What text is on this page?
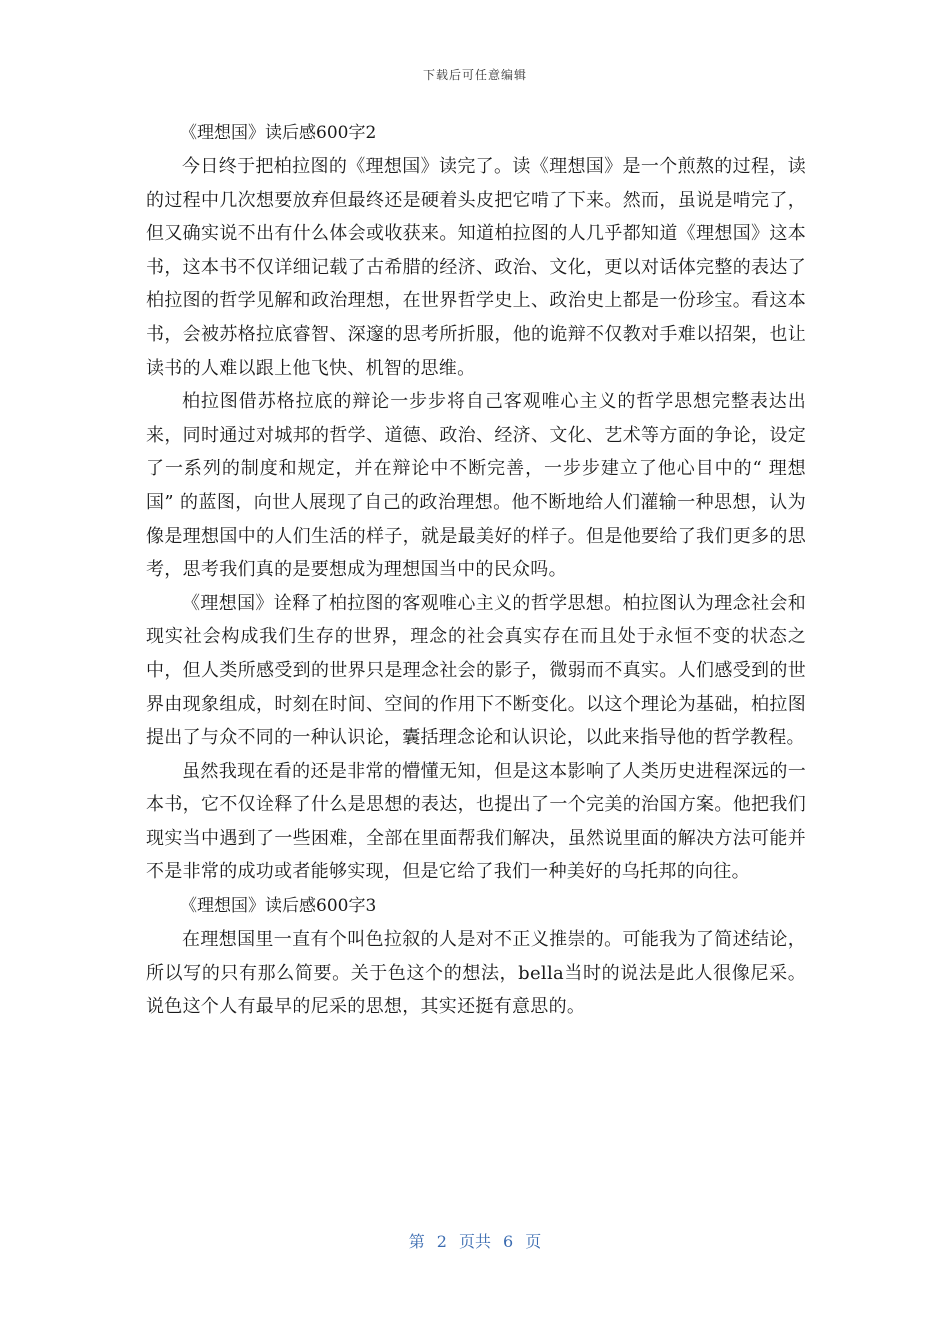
下载后可任意编辑

《理想国》读后感600字2

今日终于把柏拉图的《理想国》读完了。读《理想国》是一个煎熬的过程，读的过程中几次想要放弃但最终还是硬着头皮把它啃了下来。然而，虽说是啃完了，但又确实说不出有什么体会或收获来。知道柏拉图的人几乎都知道《理想国》这本书，这本书不仅详细记载了古希腊的经济、政治、文化，更以对话体完整的表达了柏拉图的哲学见解和政治理想，在世界哲学史上、政治史上都是一份珍宝。看这本书，会被苏格拉底睿智、深邃的思考所折服，他的诡辩不仅教对手难以招架，也让读书的人难以跟上他飞快、机智的思维。

柏拉图借苏格拉底的辩论一步步将自己客观唯心主义的哲学思想完整表达出来，同时通过对城邦的哲学、道德、政治、经济、文化、艺术等方面的争论，设定了一系列的制度和规定，并在辩论中不断完善，一步步建立了他心目中的“ 理想国” 的蓝图，向世人展现了自己的政治理想。他不断地给人们灌输一种思想，认为像是理想国中的人们生活的样子，就是最美好的样子。但是他要给了我们更多的思考，思考我们真的是要想成为理想国当中的民众吗。

《理想国》诠释了柏拉图的客观唯心主义的哲学思想。柏拉图认为理念社会和现实社会构成我们生存的世界，理念的社会真实存在而且处于永恒不变的状态之中，但人类所感受到的世界只是理念社会的影子，微弱而不真实。人们感受到的世界由现象组成，时刻在时间、空间的作用下不断变化。以这个理论为基础，柏拉图提出了与众不同的一种认识论，囊括理念论和认识论，以此来指导他的哲学教程。

虽然我现在看的还是非常的懵懂无知，但是这本影响了人类历史进程深远的一本书，它不仅诠释了什么是思想的表达，也提出了一个完美的治国方案。他把我们现实当中遇到了一些困难，全部在里面帮我们解决，虽然说里面的解决方法可能并不是非常的成功或者能够实现，但是它给了我们一种美好的乌托邦的向往。

《理想国》读后感600字3

在理想国里一直有个叫色拉叙的人是对不正义推崇的。可能我为了简述结论，所以写的只有那么简要。关于色这个的想法，bella当时的说法是此人很像尼采。说色这个人有最早的尼采的思想，其实还挺有意思的。

第 2 页共 6 页
